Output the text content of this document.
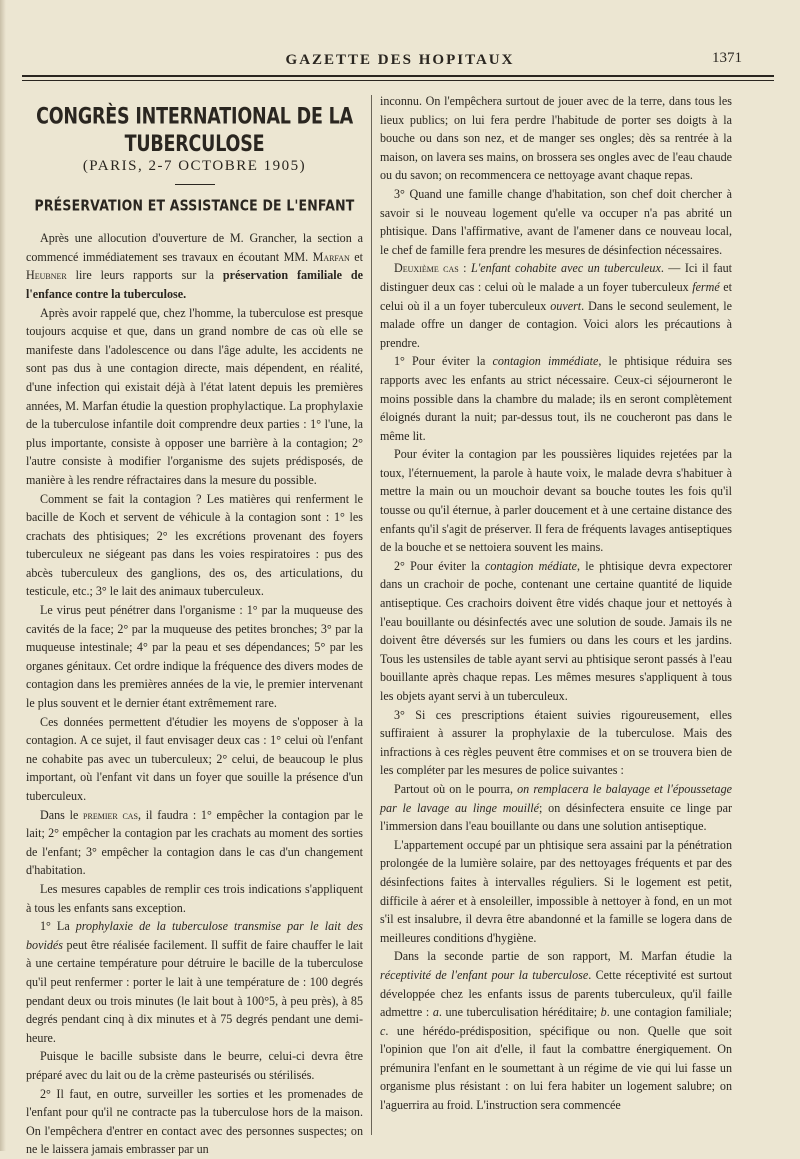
GAZETTE DES HOPITAUX	1371
CONGRÈS INTERNATIONAL DE LA TUBERCULOSE
(PARIS, 2-7 OCTOBRE 1905)
PRÉSERVATION ET ASSISTANCE DE L'ENFANT

Après une allocution d'ouverture de M. Grancher, la section a commencé immédiatement ses travaux en écoutant MM. Marfan et Heubner lire leurs rapports sur la préservation familiale de l'enfance contre la tuberculose.

Après avoir rappelé que, chez l'homme, la tuberculose est presque toujours acquise et que, dans un grand nombre de cas où elle se manifeste dans l'adolescence ou dans l'âge adulte, les accidents ne sont pas dus à une contagion directe, mais dépendent, en réalité, d'une infection qui existait déjà à l'état latent depuis les premières années, M. Marfan étudie la question prophylactique. La prophylaxie de la tuberculose infantile doit comprendre deux parties : 1° l'une, la plus importante, consiste à opposer une barrière à la contagion; 2° l'autre consiste à modifier l'organisme des sujets prédisposés, de manière à les rendre réfractaires dans la mesure du possible.

Comment se fait la contagion ? Les matières qui renferment le bacille de Koch et servent de véhicule à la contagion sont : 1° les crachats des phtisiques; 2° les excrétions provenant des foyers tuberculeux ne siégeant pas dans les voies respiratoires : pus des abcès tuberculeux des ganglions, des os, des articulations, du testicule, etc.; 3° le lait des animaux tuberculeux.

Le virus peut pénétrer dans l'organisme : 1° par la muqueuse des cavités de la face; 2° par la muqueuse des petites bronches; 3° par la muqueuse intestinale; 4° par la peau et ses dépendances; 5° par les organes génitaux. Cet ordre indique la fréquence des divers modes de contagion dans les premières années de la vie, le premier intervenant le plus souvent et le dernier étant extrêmement rare.

Ces données permettent d'étudier les moyens de s'opposer à la contagion. A ce sujet, il faut envisager deux cas : 1° celui où l'enfant ne cohabite pas avec un tuberculeux; 2° celui, de beaucoup le plus important, où l'enfant vit dans un foyer que souille la présence d'un tuberculeux.

Dans le premier cas, il faudra : 1° empêcher la contagion par le lait; 2° empêcher la contagion par les crachats au moment des sorties de l'enfant; 3° empêcher la contagion dans le cas d'un changement d'habitation.

Les mesures capables de remplir ces trois indications s'appliquent à tous les enfants sans exception.

1° La prophylaxie de la tuberculose transmise par le lait des bovidés peut être réalisée facilement. Il suffit de faire chauffer le lait à une certaine température pour détruire le bacille de la tuberculose qu'il peut renfermer : porter le lait à une température de : 100 degrés pendant deux ou trois minutes (le lait bout à 100°5, à peu près), à 85 degrés pendant cinq à dix minutes et à 75 degrés pendant une demi-heure.

Puisque le bacille subsiste dans le beurre, celui-ci devra être préparé avec du lait ou de la crème pasteurisés ou stérilisés.

2° Il faut, en outre, surveiller les sorties et les promenades de l'enfant pour qu'il ne contracte pas la tuberculose hors de la maison. On l'empêchera d'entrer en contact avec des personnes suspectes; on ne le laissera jamais embrasser par un

inconnu. On l'empêchera surtout de jouer avec de la terre, dans tous les lieux publics; on lui fera perdre l'habitude de porter ses doigts à la bouche ou dans son nez, et de manger ses ongles; dès sa rentrée à la maison, on lavera ses mains, on brossera ses ongles avec de l'eau chaude ou du savon; on recommencera ce nettoyage avant chaque repas.

3° Quand une famille change d'habitation, son chef doit chercher à savoir si le nouveau logement qu'elle va occuper n'a pas abrité un phtisique. Dans l'affirmative, avant de l'amener dans ce nouveau local, le chef de famille fera prendre les mesures de désinfection nécessaires.

Deuxième cas : L'enfant cohabite avec un tuberculeux. — Ici il faut distinguer deux cas : celui où le malade a un foyer tuberculeux fermé et celui où il a un foyer tuberculeux ouvert. Dans le second seulement, le malade offre un danger de contagion. Voici alors les précautions à prendre.

1° Pour éviter la contagion immédiate, le phtisique réduira ses rapports avec les enfants au strict nécessaire. Ceux-ci séjourneront le moins possible dans la chambre du malade; ils en seront complètement éloignés durant la nuit; par-dessus tout, ils ne coucheront pas dans le même lit.

Pour éviter la contagion par les poussières liquides rejetées par la toux, l'éternuement, la parole à haute voix, le malade devra s'habituer à mettre la main ou un mouchoir devant sa bouche toutes les fois qu'il tousse ou qu'il éternue, à parler doucement et à une certaine distance des enfants qu'il s'agit de préserver. Il fera de fréquents lavages antiseptiques de la bouche et se nettoiera souvent les mains.

2° Pour éviter la contagion médiate, le phtisique devra expectorer dans un crachoir de poche, contenant une certaine quantité de liquide antiseptique. Ces crachoirs doivent être vidés chaque jour et nettoyés à l'eau bouillante ou désinfectés avec une solution de soude. Jamais ils ne doivent être déversés sur les fumiers ou dans les cours et les jardins. Tous les ustensiles de table ayant servi au phtisique seront passés à l'eau bouillante après chaque repas. Les mêmes mesures s'appliquent à tous les objets ayant servi à un tuberculeux.

3° Si ces prescriptions étaient suivies rigoureusement, elles suffiraient à assurer la prophylaxie de la tuberculose. Mais des infractions à ces règles peuvent être commises et on se trouvera bien de les compléter par les mesures de police suivantes :

Partout où on le pourra, on remplacera le balayage et l'époussetage par le lavage au linge mouillé; on désinfectera ensuite ce linge par l'immersion dans l'eau bouillante ou dans une solution antiseptique.

L'appartement occupé par un phtisique sera assaini par la pénétration prolongée de la lumière solaire, par des nettoyages fréquents et par des désinfections faites à intervalles réguliers. Si le logement est petit, difficile à aérer et à ensoleiller, impossible à nettoyer à fond, en un mot s'il est insalubre, il devra être abandonné et la famille se logera dans de meilleures conditions d'hygiène.

Dans la seconde partie de son rapport, M. Marfan étudie la réceptivité de l'enfant pour la tuberculose. Cette réceptivité est surtout développée chez les enfants issus de parents tuberculeux, qu'il faille admettre : a. une tuberculisation héréditaire; b. une contagion familiale; c. une hérédo-prédisposition, spécifique ou non. Quelle que soit l'opinion que l'on ait d'elle, il faut la combattre énergiquement. On prémunira l'enfant en le soumettant à un régime de vie qui lui fasse un organisme plus résistant : on lui fera habiter un logement salubre; on l'aguerrira au froid. L'instruction sera commencée
